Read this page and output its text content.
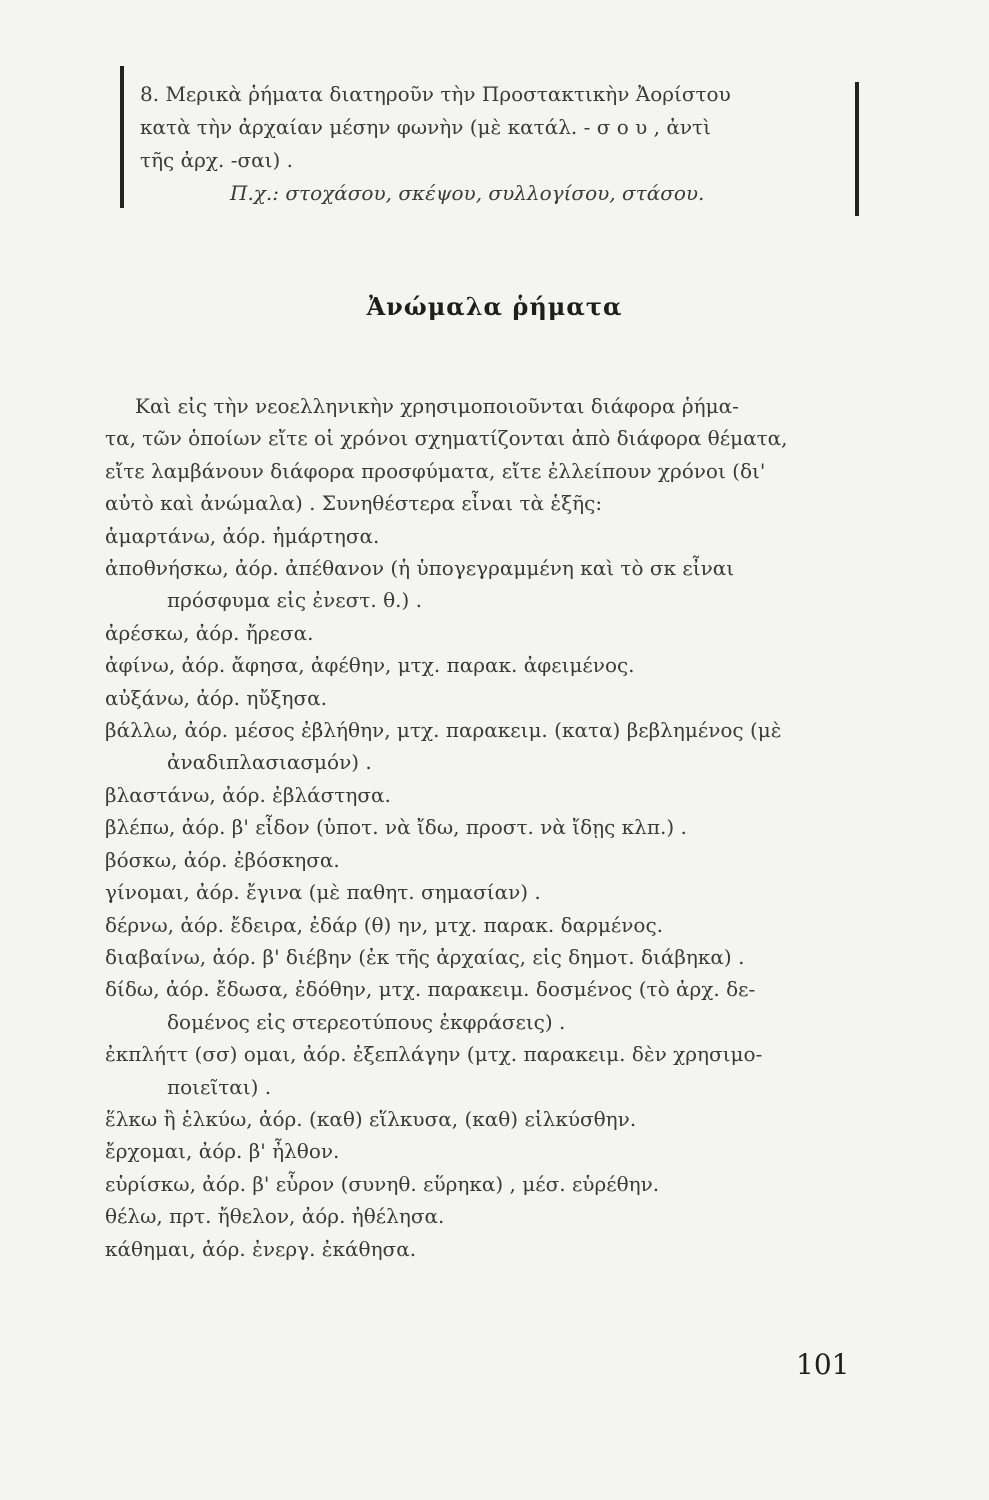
8. Μερικὰ ῥήματα διατηροῦν τὴν Προστακτικὴν Ἀορίστου

κατὰ τὴν ἀρχαίαν μέσην φωνὴν (μὲ κατάλ. - σ ο υ , ἀντὶ

τῆς ἀρχ. -σαι) .

Π.χ.: στοχάσου, σκέψου, συλλογίσου, στάσου.

Ἀνώμαλα ῥήματα

Καὶ εἰς τὴν νεοελληνικὴν χρησιμοποιοῦνται διάφορα ῥήμα-

τα, τῶν ὁποίων εἴτε οἱ χρόνοι σχηματίζονται ἀπὸ διάφορα θέματα,

εἴτε λαμβάνουν διάφορα προσφύματα, εἴτε ἐλλείπουν χρόνοι (δι'

αὐτὸ καὶ ἀνώμαλα) . Συνηθέστερα εἶναι τὰ ἑξῆς:

ἁμαρτάνω, ἀόρ. ἡμάρτησα.

ἀποθνήσκω, ἀόρ. ἀπέθανον (ἡ ὑπογεγραμμένη καὶ τὸ σκ εἶναι

πρόσφυμα εἰς ἐνεστ. θ.) .

ἀρέσκω, ἀόρ. ἤρεσα.

ἀφίνω, ἀόρ. ἄφησα, ἀφέθην, μτχ. παρακ. ἀφειμένος.

αὐξάνω, ἀόρ. ηὔξησα.

βάλλω, ἀόρ. μέσος ἐβλήθην, μτχ. παρακειμ. (κατα) βεβλημένος (μὲ

ἀναδιπλασιασμόν) .

βλαστάνω, ἀόρ. ἐβλάστησα.

βλέπω, ἀόρ. β' εἶδον (ὑποτ. νὰ ἴδω, προστ. νὰ ἴδῃς κλπ.) .

βόσκω, ἀόρ. ἐβόσκησα.

γίνομαι, ἀόρ. ἔγινα (μὲ παθητ. σημασίαν) .

δέρνω, ἀόρ. ἔδειρα, ἐδάρ (θ) ην, μτχ. παρακ. δαρμένος.

διαβαίνω, ἀόρ. β' διέβην (ἐκ τῆς ἀρχαίας, εἰς δημοτ. διάβηκα) .

δίδω, ἀόρ. ἔδωσα, ἐδόθην, μτχ. παρακειμ. δοσμένος (τὸ ἀρχ. δε-

δομένος εἰς στερεοτύπους ἐκφράσεις) .

ἐκπλήττ (σσ) ομαι, ἀόρ. ἐξεπλάγην (μτχ. παρακειμ. δὲν χρησιμο-

ποιεῖται) .

ἕλκω ἢ ἑλκύω, ἀόρ. (καθ) εἵλκυσα, (καθ) εἱλκύσθην.

ἔρχομαι, ἀόρ. β' ἦλθον.

εὑρίσκω, ἀόρ. β' εὗρον (συνηθ. εὕρηκα) , μέσ. εὑρέθην.

θέλω, πρτ. ἤθελον, ἀόρ. ἠθέλησα.

κάθημαι, ἀόρ. ἐνεργ. ἐκάθησα.

101
